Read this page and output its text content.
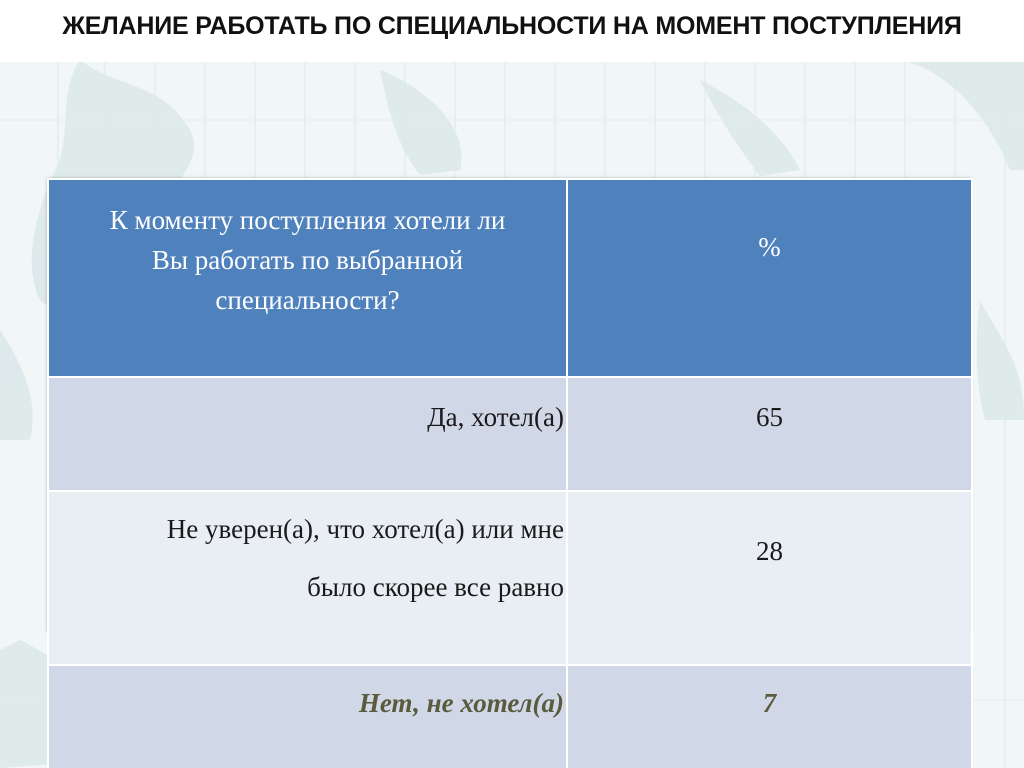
ЖЕЛАНИЕ РАБОТАТЬ ПО СПЕЦИАЛЬНОСТИ НА МОМЕНТ ПОСТУПЛЕНИЯ
К моменту поступления хотели ли
Вы работать по выбранной
специальности?	%
Да, хотел(а)	65

Не уверен(а), что хотел(а) или мне
было скорее все равно	28
Нет, не хотел(а)	7
